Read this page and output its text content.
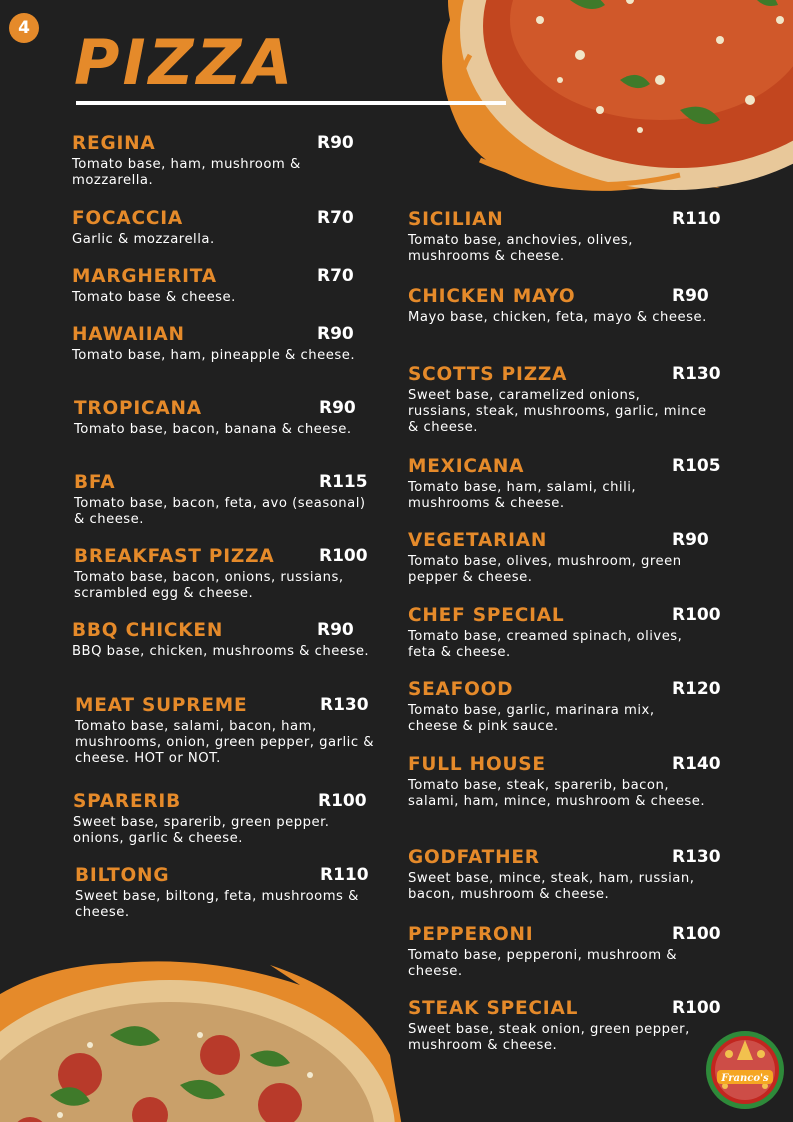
4 PIZZA
REGINA	R90
Tomato base, ham, mushroom & mozzarella.
FOCACCIA	R70
Garlic & mozzarella.
MARGHERITA	R70
Tomato base & cheese.
HAWAIIAN	R90
Tomato base, ham, pineapple & cheese.
TROPICANA	R90
Tomato base, bacon, banana & cheese.
BFA	R115
Tomato base, bacon, feta, avo (seasonal) & cheese.
BREAKFAST PIZZA	R100
Tomato base, bacon, onions, russians, scrambled egg & cheese.
BBQ CHICKEN	R90
BBQ base, chicken, mushrooms & cheese.
MEAT SUPREME	R130
Tomato base, salami, bacon, ham, mushrooms, onion, green pepper, garlic & cheese. HOT or NOT.
SPARERIB	R100
Sweet base, sparerib, green pepper. onions, garlic & cheese.
BILTONG	R110
Sweet base, biltong, feta, mushrooms & cheese.
SICILIAN	R110
Tomato base, anchovies, olives, mushrooms & cheese.
CHICKEN MAYO	R90
Mayo base, chicken, feta, mayo & cheese.
SCOTTS PIZZA	R130
Sweet base, caramelized onions, russians, steak, mushrooms, garlic, mince & cheese.
MEXICANA	R105
Tomato base, ham, salami, chili, mushrooms & cheese.
VEGETARIAN	R90
Tomato base, olives, mushroom, green pepper & cheese.
CHEF SPECIAL	R100
Tomato base, creamed spinach, olives, feta & cheese.
SEAFOOD	R120
Tomato base, garlic, marinara mix, cheese & pink sauce.
FULL HOUSE	R140
Tomato base, steak, sparerib, bacon, salami, ham, mince, mushroom & cheese.
GODFATHER	R130
Sweet base, mince, steak, ham, russian, bacon, mushroom & cheese.
PEPPERONI	R100
Tomato base, pepperoni, mushroom & cheese.
STEAK SPECIAL	R100
Sweet base, steak onion, green pepper, mushroom & cheese.
Franco's
